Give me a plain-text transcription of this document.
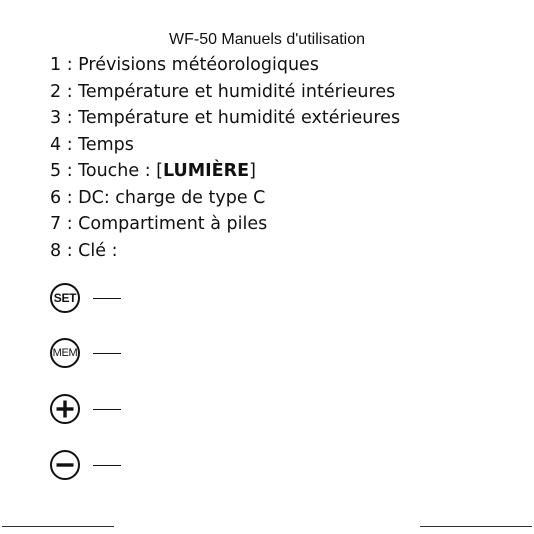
WF-50 Manuels d'utilisation
1 : Prévisions météorologiques
2 : Température et humidité intérieures
3 : Température et humidité extérieures
4 : Temps
5 : Touche : [LUMIÈRE]
6 : DC: charge de type C
7 : Compartiment à piles
8 : Clé :
SET
MEM
